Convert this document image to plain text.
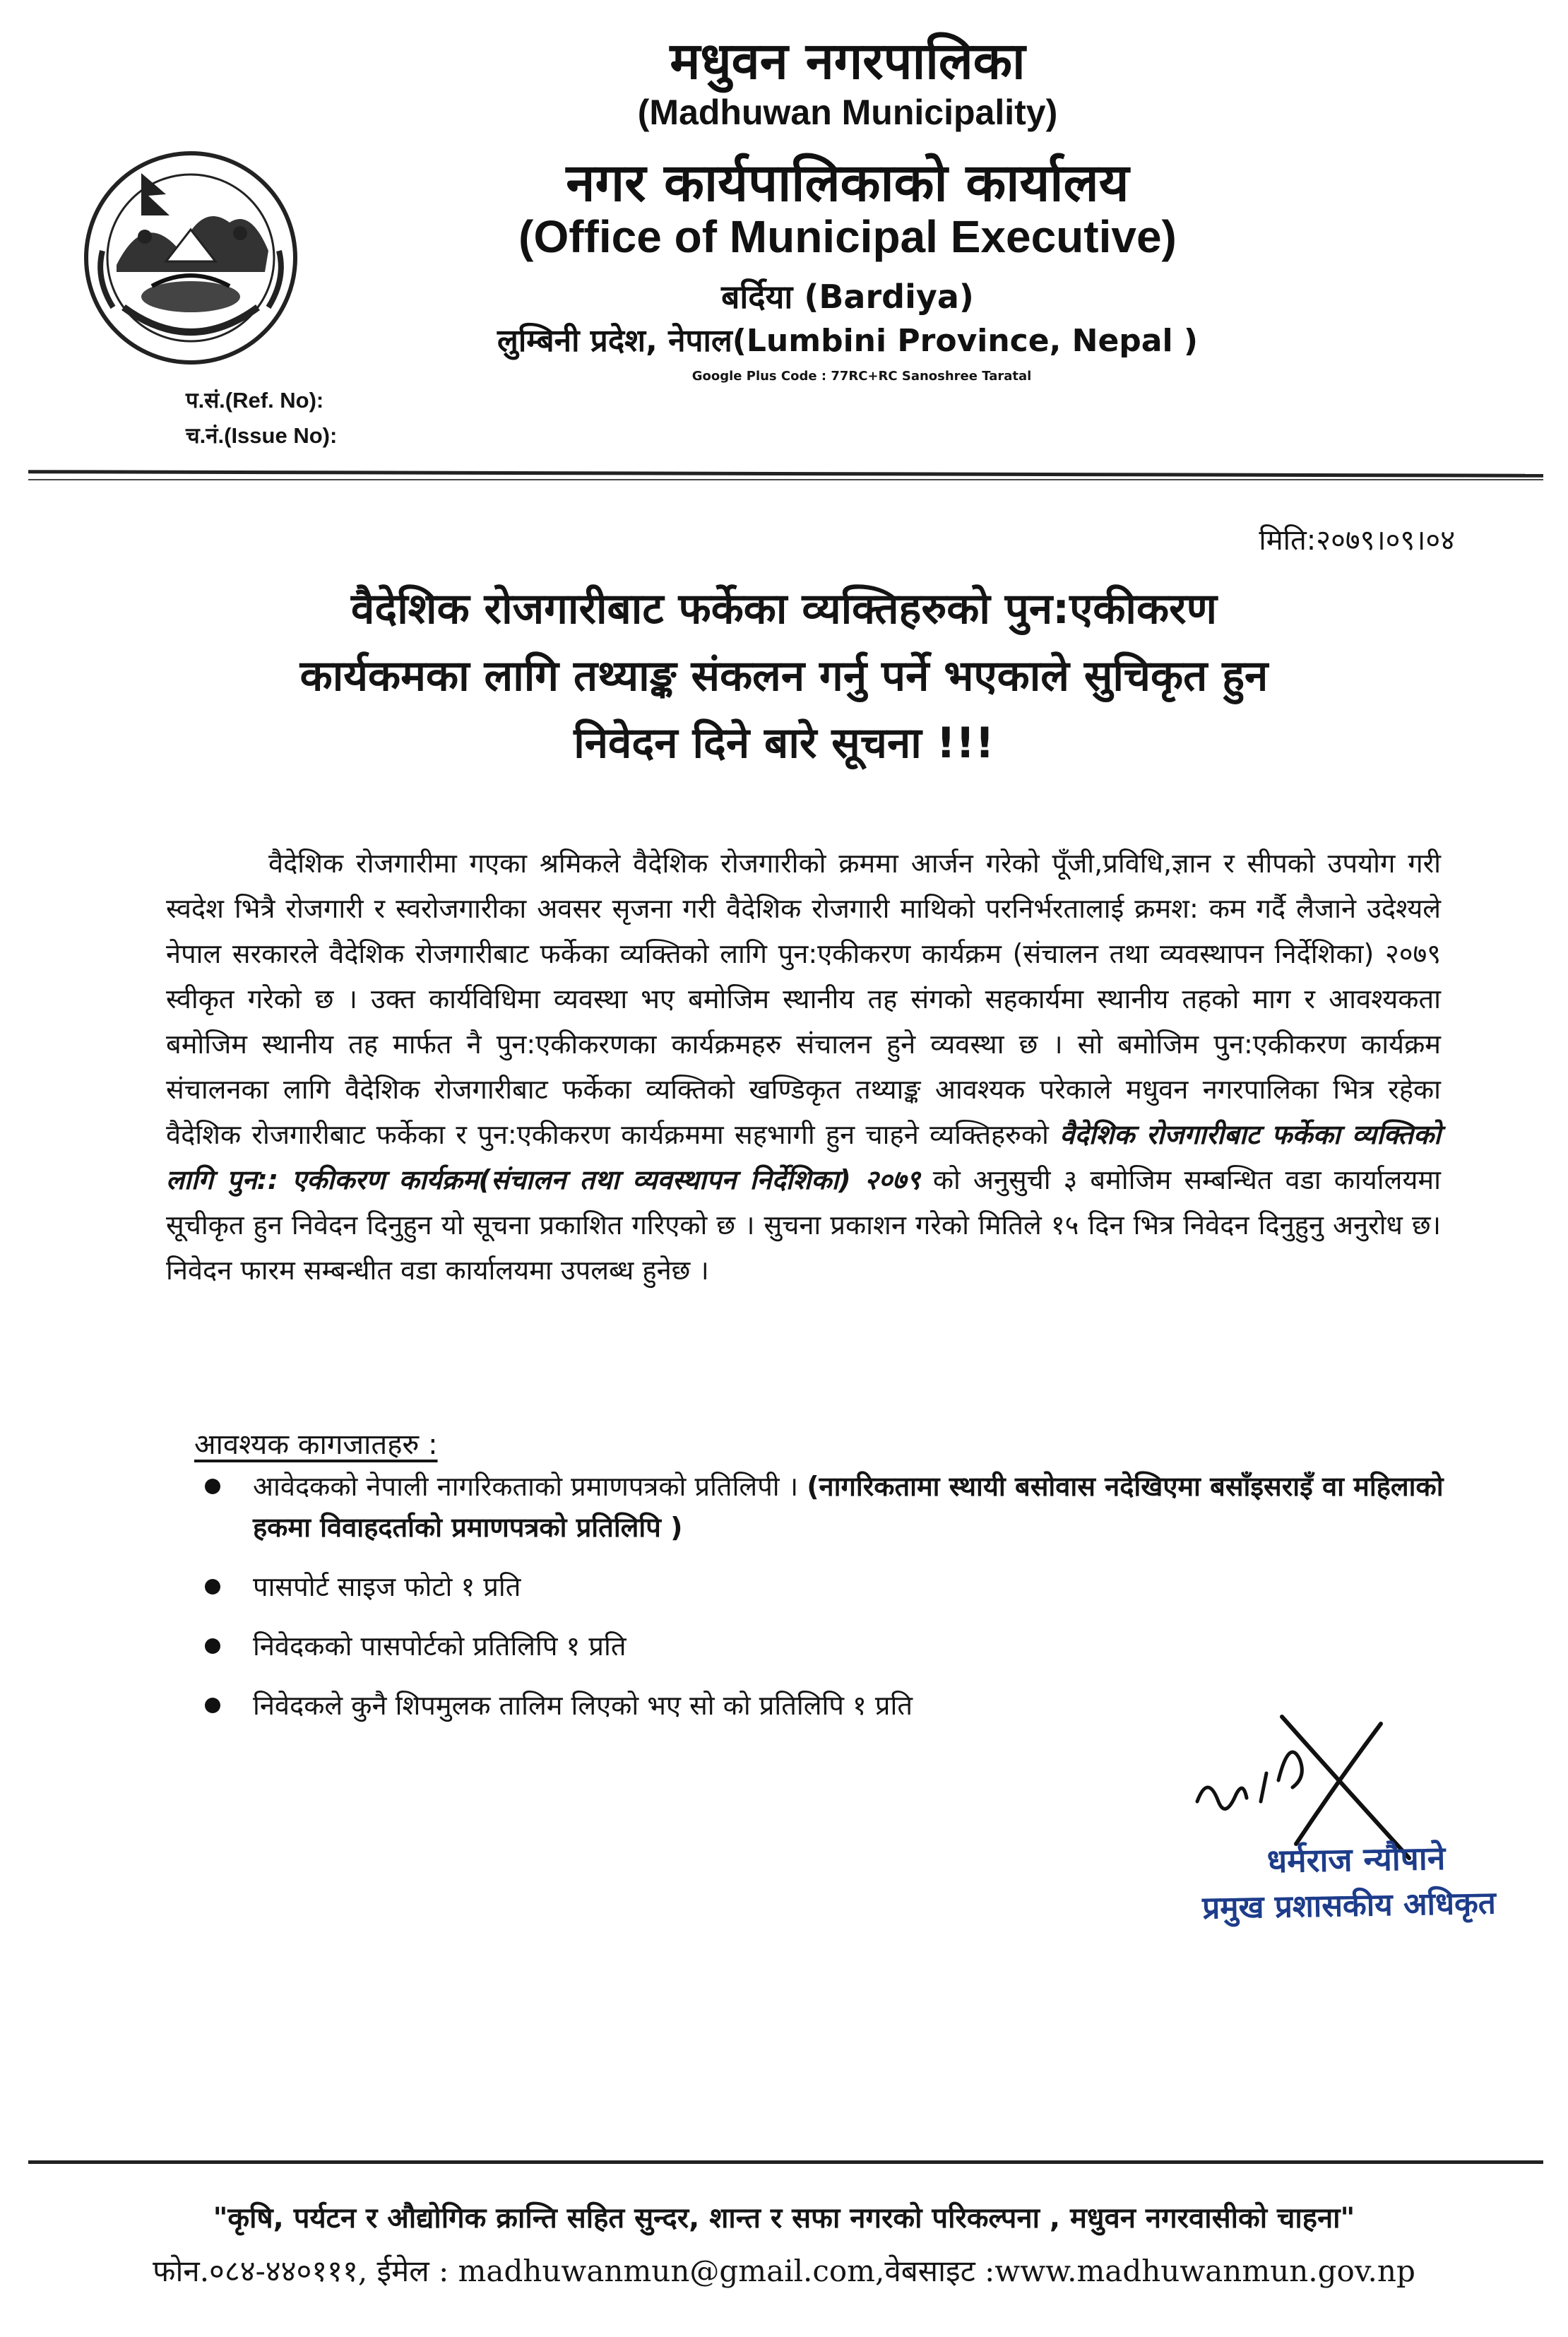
मधुवन नगरपालिका
(Madhuwan Municipality)
नगर कार्यपालिकाको कार्यालय
(Office of Municipal Executive)
बर्दिया (Bardiya)
लुम्बिनी प्रदेश, नेपाल(Lumbini Province, Nepal )
Google Plus Code : 77RC+RC Sanoshree Taratal
प.सं.(Ref. No):
च.नं.(Issue No):
मिति:२०७९।०९।०४
वैदेशिक रोजगारीबाट फर्केका व्यक्तिहरुको पुन:एकीकरण
कार्यकमका लागि तथ्याङ्क संकलन गर्नु पर्ने भएकाले सुचिकृत हुन
निवेदन दिने बारे सूचना !!!
वैदेशिक रोजगारीमा गएका श्रमिकले वैदेशिक रोजगारीको क्रममा आर्जन गरेको पूँजी,प्रविधि,ज्ञान र सीपको उपयोग गरी स्वदेश भित्रै रोजगारी र स्वरोजगारीका अवसर सृजना गरी वैदेशिक रोजगारी माथिको परनिर्भरतालाई क्रमश: कम गर्दै लैजाने उदेश्यले नेपाल सरकारले वैदेशिक रोजगारीबाट फर्केका व्यक्तिको लागि पुन:एकीकरण कार्यक्रम (संचालन तथा व्यवस्थापन निर्देशिका) २०७९ स्वीकृत गरेको छ । उक्त कार्यविधिमा व्यवस्था भए बमोजिम स्थानीय तह संगको सहकार्यमा स्थानीय तहको माग र आवश्यकता बमोजिम स्थानीय तह मार्फत नै पुन:एकीकरणका कार्यक्रमहरु संचालन हुने व्यवस्था छ । सो बमोजिम पुन:एकीकरण कार्यक्रम संचालनका लागि वैदेशिक रोजगारीबाट फर्केका व्यक्तिको खण्डिकृत तथ्याङ्क आवश्यक परेकाले मधुवन नगरपालिका भित्र रहेका वैदेशिक रोजगारीबाट फर्केका र पुन:एकीकरण कार्यक्रममा सहभागी हुन चाहने व्यक्तिहरुको वैदेशिक रोजगारीबाट फर्केका व्यक्तिको लागि पुन:: एकीकरण कार्यक्रम(संचालन तथा व्यवस्थापन निर्देशिका) २०७९ को अनुसुची ३ बमोजिम सम्बन्धित वडा कार्यालयमा सूचीकृत हुन निवेदन दिनुहुन यो सूचना प्रकाशित गरिएको छ । सुचना प्रकाशन गरेको मितिले १५ दिन भित्र निवेदन दिनुहुनु अनुरोध छ। निवेदन फारम सम्बन्धीत वडा कार्यालयमा उपलब्ध हुनेछ ।
आवश्यक कागजातहरु :
आवेदकको नेपाली नागरिकताको प्रमाणपत्रको प्रतिलिपी । (नागरिकतामा स्थायी बसोवास नदेखिएमा बसाँइसराइँ वा महिलाको हकमा विवाहदर्ताको प्रमाणपत्रको प्रतिलिपि )
पासपोर्ट साइज फोटो १ प्रति
निवेदकको पासपोर्टको प्रतिलिपि १ प्रति
निवेदकले कुनै शिपमुलक तालिम लिएको भए सो को प्रतिलिपि १ प्रति
धर्मराज न्यौपाने
प्रमुख प्रशासकीय अधिकृत
"कृषि, पर्यटन र औद्योगिक क्रान्ति सहित सुन्दर, शान्त र सफा नगरको परिकल्पना , मधुवन नगरवासीको चाहना"
फोन.०८४-४४०१११, ईमेल : madhuwanmun@gmail.com,वेबसाइट :www.madhuwanmun.gov.np
